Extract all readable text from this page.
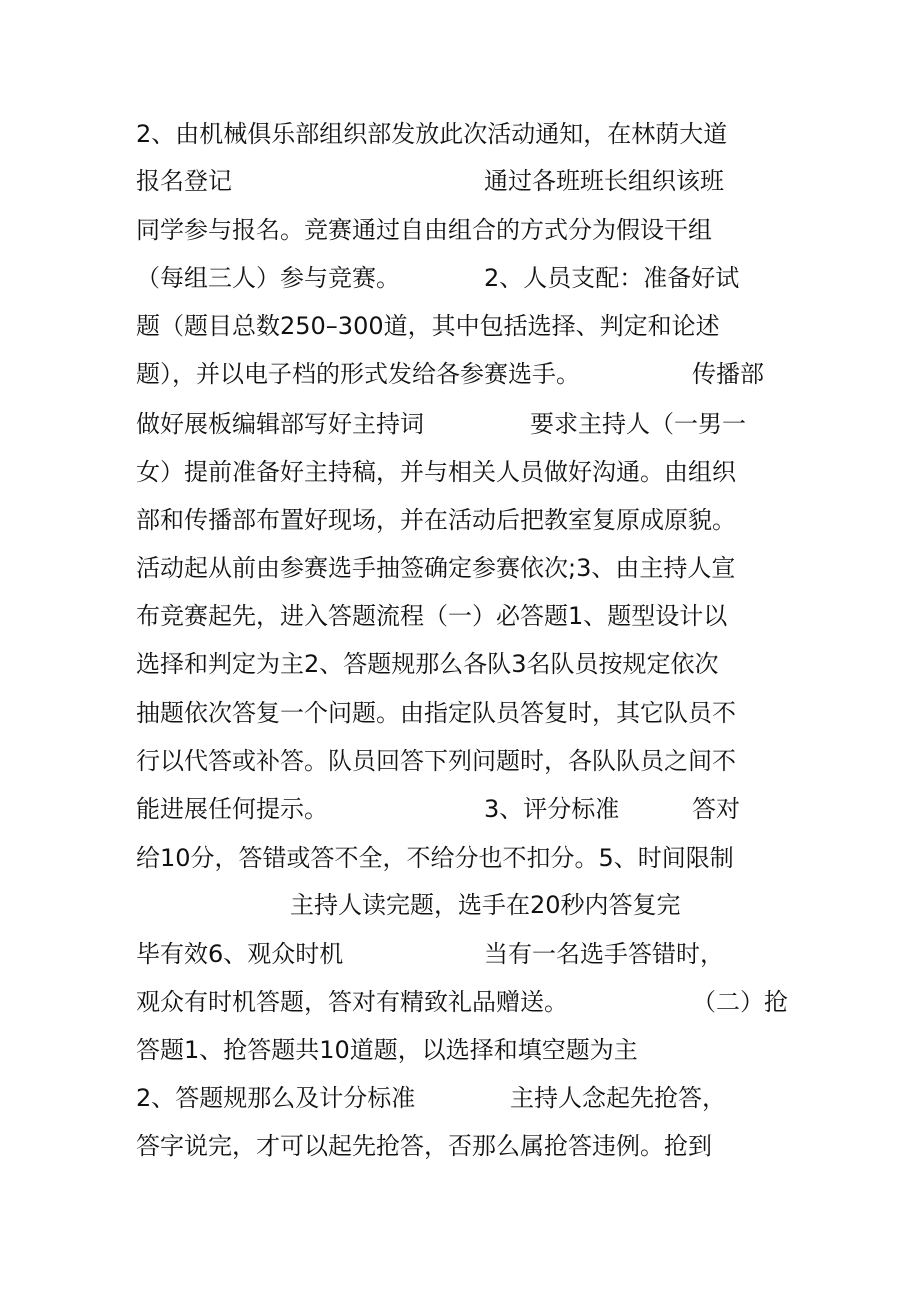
2、由机械俱乐部组织部发放此次活动通知，在林荫大道
报名登记	通过各班班长组织该班
同学参与报名。竞赛通过自由组合的方式分为假设干组
（每组三人）参与竞赛。	2、人员支配：准备好试
题（题目总数250–300道，其中包括选择、判定和论述
题），并以电子档的形式发给各参赛选手。	传播部
做好展板编辑部写好主持词	要求主持人（一男一
女）提前准备好主持稿，并与相关人员做好沟通。由组织
部和传播部布置好现场，并在活动后把教室复原成原貌。
活动起从前由参赛选手抽签确定参赛依次;3、由主持人宣
布竞赛起先，进入答题流程（一）必答题1、题型设计以
选择和判定为主2、答题规那么各队3名队员按规定依次
抽题依次答复一个问题。由指定队员答复时，其它队员不
行以代答或补答。队员回答下列问题时，各队队员之间不
能进展任何提示。	3、评分标准	答对
给10分，答错或答不全，不给分也不扣分。5、时间限制
主持人读完题，选手在20秒内答复完
毕有效6、观众时机	当有一名选手答错时，
观众有时机答题，答对有精致礼品赠送。	（二）抢
答题1、抢答题共10道题，以选择和填空题为主
2、答题规那么及计分标准	主持人念起先抢答，
答字说完，才可以起先抢答，否那么属抢答违例。抢到
